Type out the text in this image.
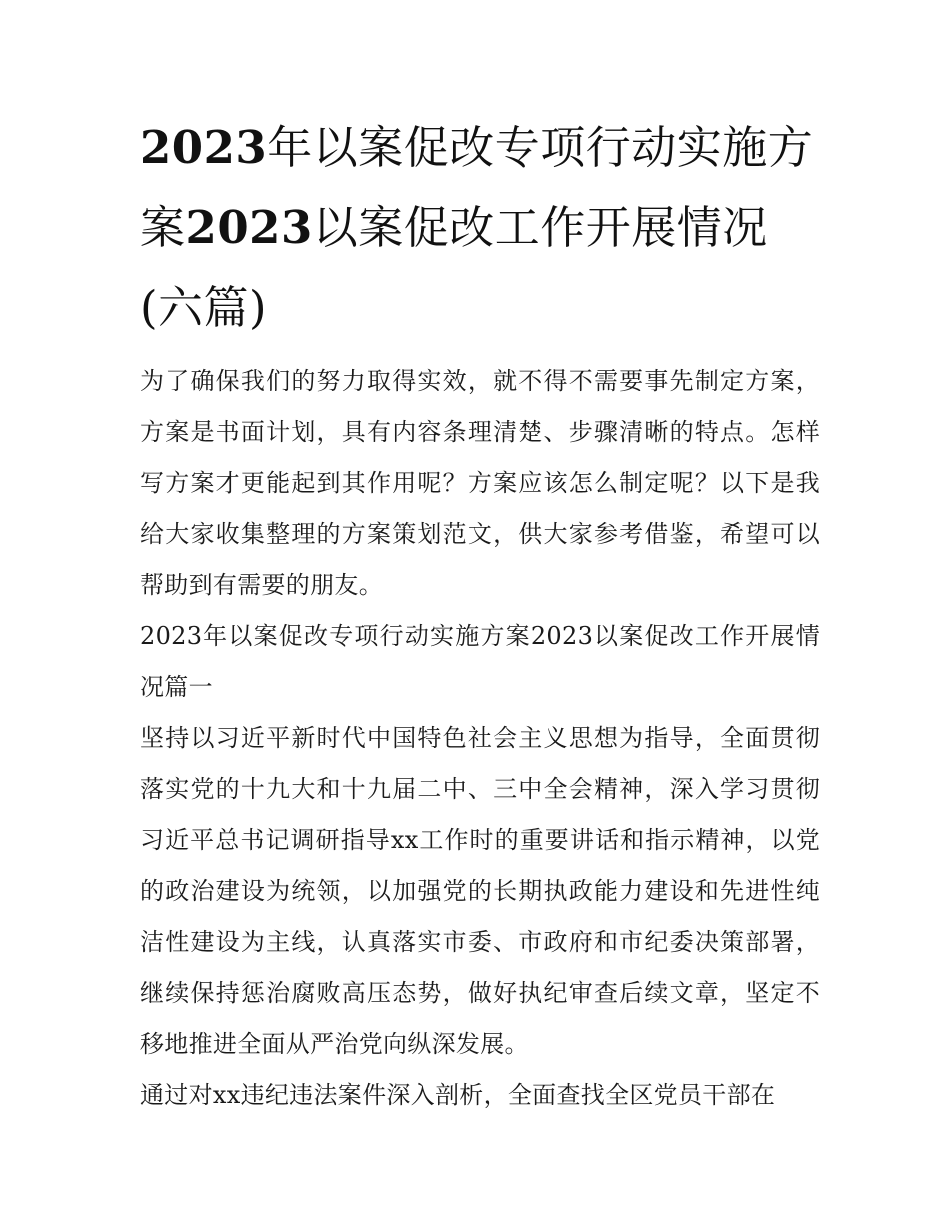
2023年以案促改专项行动实施方案2023以案促改工作开展情况(六篇)

为了确保我们的努力取得实效，就不得不需要事先制定方案，方案是书面计划，具有内容条理清楚、步骤清晰的特点。怎样写方案才更能起到其作用呢？方案应该怎么制定呢？以下是我给大家收集整理的方案策划范文，供大家参考借鉴，希望可以帮助到有需要的朋友。

2023年以案促改专项行动实施方案2023以案促改工作开展情况篇一

坚持以习近平新时代中国特色社会主义思想为指导，全面贯彻落实党的十九大和十九届二中、三中全会精神，深入学习贯彻习近平总书记调研指导xx工作时的重要讲话和指示精神，以党的政治建设为统领，以加强党的长期执政能力建设和先进性纯洁性建设为主线，认真落实市委、市政府和市纪委决策部署，继续保持惩治腐败高压态势，做好执纪审查后续文章，坚定不移地推进全面从严治党向纵深发展。

通过对xx违纪违法案件深入剖析，全面查找全区党员干部在
